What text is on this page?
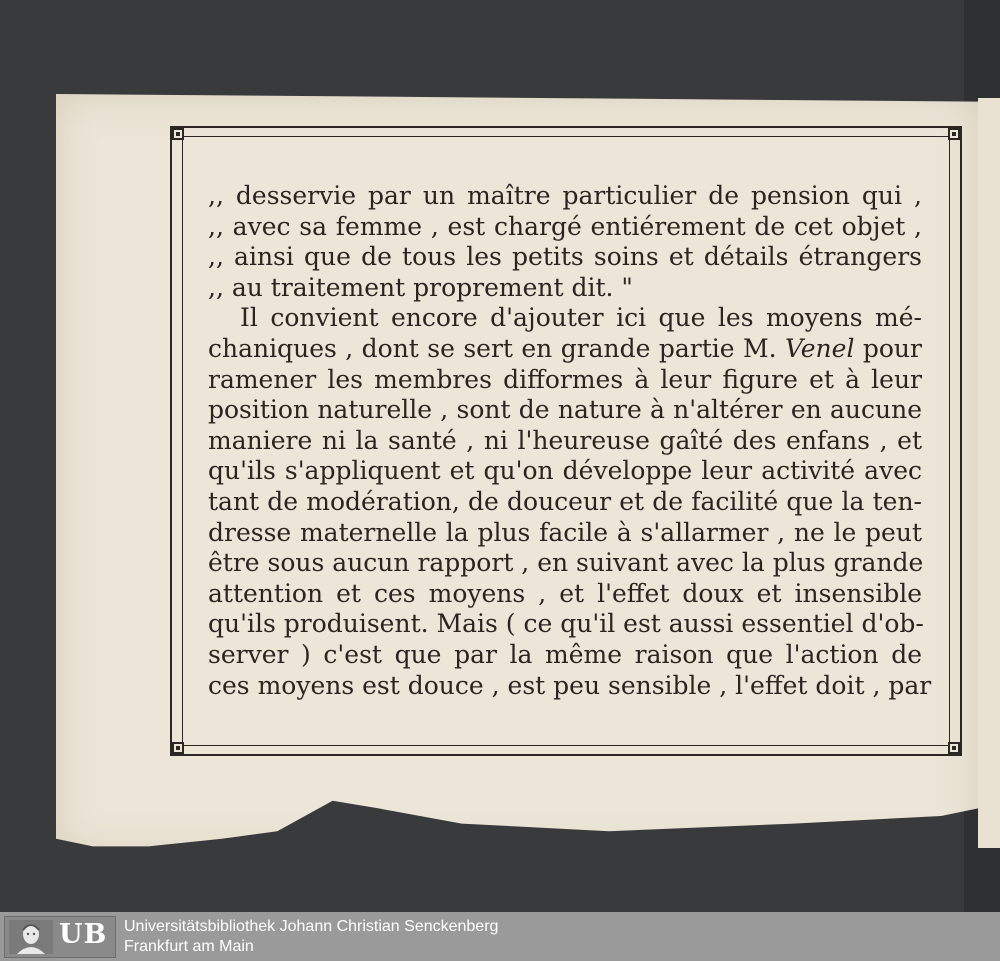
,, desservie par un maître particulier de pension qui ,
,, avec sa femme , est chargé entiérement de cet objet ,
,, ainsi que de tous les petits soins et détails étrangers
,, au traitement proprement dit. "
Il convient encore d'ajouter ici que les moyens mé-
chaniques , dont se sert en grande partie M. Venel pour
ramener les membres difformes à leur figure et à leur
position naturelle , sont de nature à n'altérer en aucune
maniere ni la santé , ni l'heureuse gaîté des enfans , et
qu'ils s'appliquent et qu'on développe leur activité avec
tant de modération, de douceur et de facilité que la ten-
dresse maternelle la plus facile à s'allarmer , ne le peut
être sous aucun rapport , en suivant avec la plus grande
attention et ces moyens , et l'effet doux et insensible
qu'ils produisent. Mais ( ce qu'il est aussi essentiel d'ob-
server ) c'est que par la même raison que l'action de
ces moyens est douce , est peu sensible , l'effet doit , par
UB Universitätsbibliothek Johann Christian Senckenberg
Frankfurt am Main
